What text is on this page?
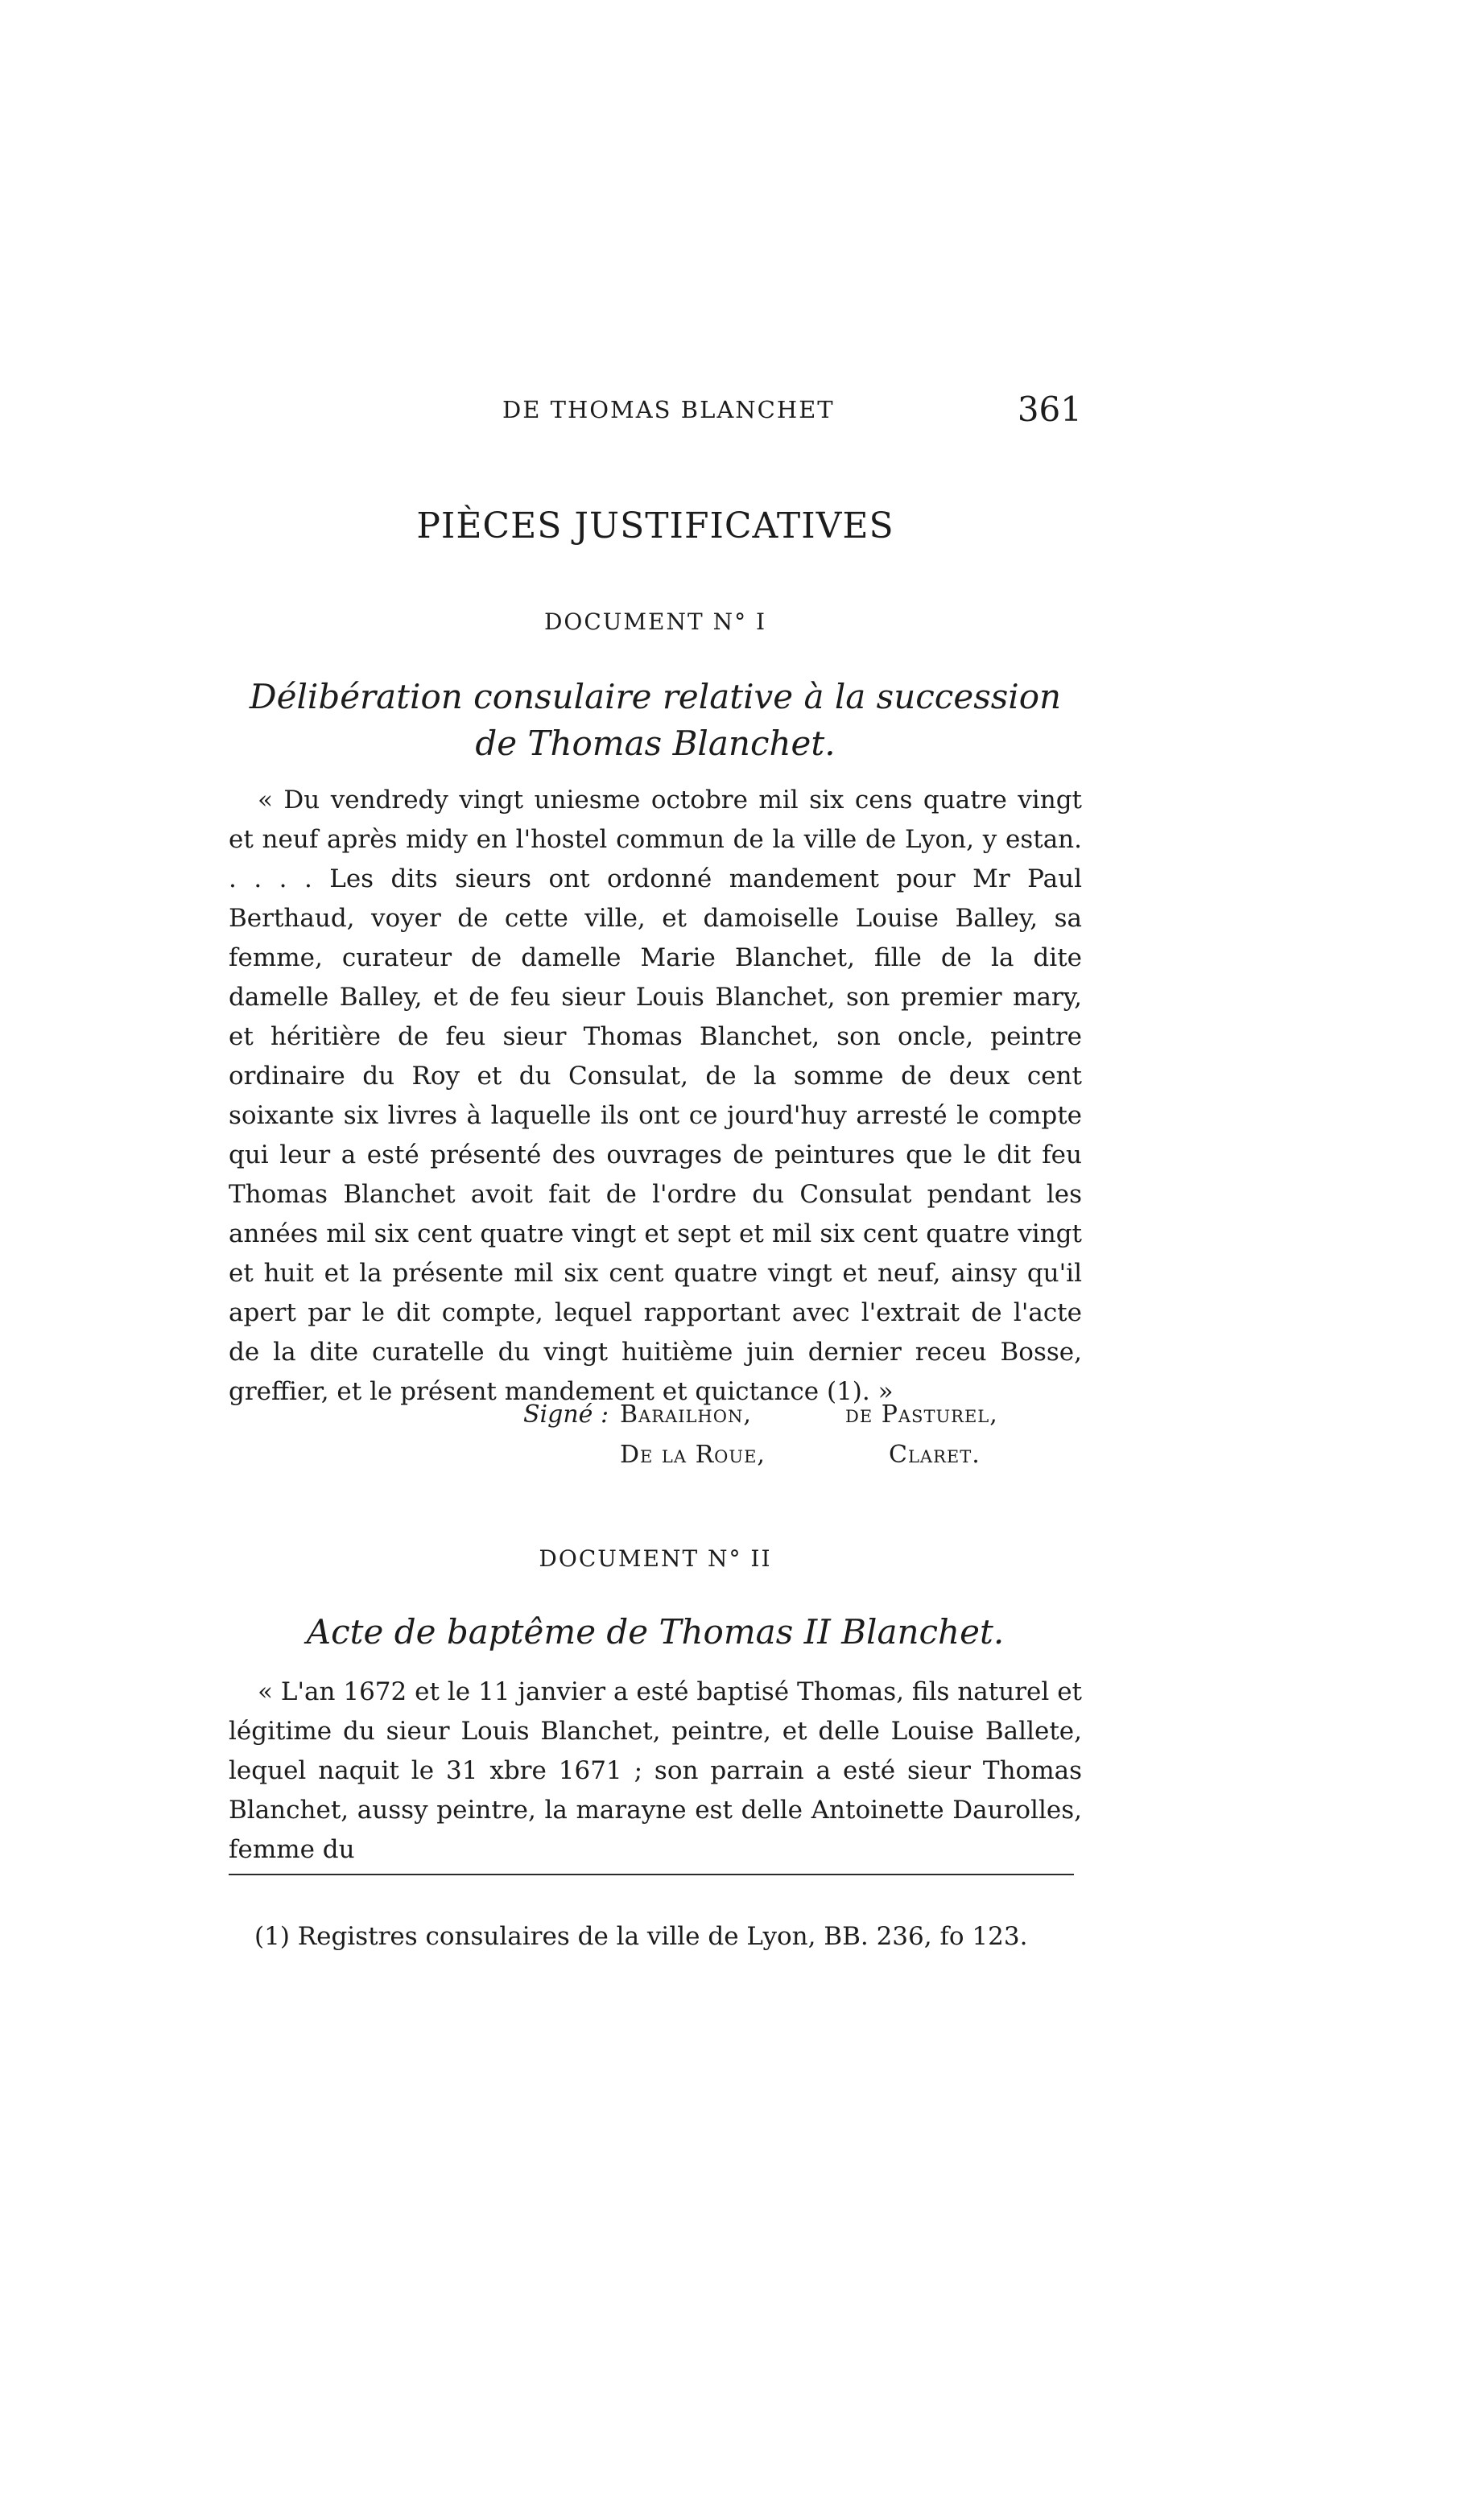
DE THOMAS BLANCHET	361
PIÈCES JUSTIFICATIVES
DOCUMENT N° I
Délibération consulaire relative à la succession
de Thomas Blanchet.

« Du vendredy vingt uniesme octobre mil six cens quatre vingt et neuf après midy en l'hostel commun de la ville de Lyon, y estan. . . . . Les dits sieurs ont ordonné mandement pour Mr Paul Berthaud, voyer de cette ville, et damoiselle Louise Balley, sa femme, curateur de damelle Marie Blanchet, fille de la dite damelle Balley, et de feu sieur Louis Blanchet, son premier mary, et héritière de feu sieur Thomas Blanchet, son oncle, peintre ordinaire du Roy et du Consulat, de la somme de deux cent soixante six livres à laquelle ils ont ce jourd'huy arresté le compte qui leur a esté présenté des ouvrages de peintures que le dit feu Thomas Blanchet avoit fait de l'ordre du Consulat pendant les années mil six cent quatre vingt et sept et mil six cent quatre vingt et huit et la présente mil six cent quatre vingt et neuf, ainsy qu'il apert par le dit compte, lequel rapportant avec l'extrait de l'acte de la dite curatelle du vingt huitième juin dernier receu Bosse, greffier, et le présent mandement et quictance (1). »

Signé : Barailhon,	de Pasturel,
De la Roue,	Claret.
DOCUMENT N° II
Acte de baptême de Thomas II Blanchet.

« L'an 1672 et le 11 janvier a esté baptisé Thomas, fils naturel et légitime du sieur Louis Blanchet, peintre, et delle Louise Ballete, lequel naquit le 31 xbre 1671 ; son parrain a esté sieur Thomas Blanchet, aussy peintre, la marayne est delle Antoinette Daurolles, femme du

(1) Registres consulaires de la ville de Lyon, BB. 236, fo 123.
